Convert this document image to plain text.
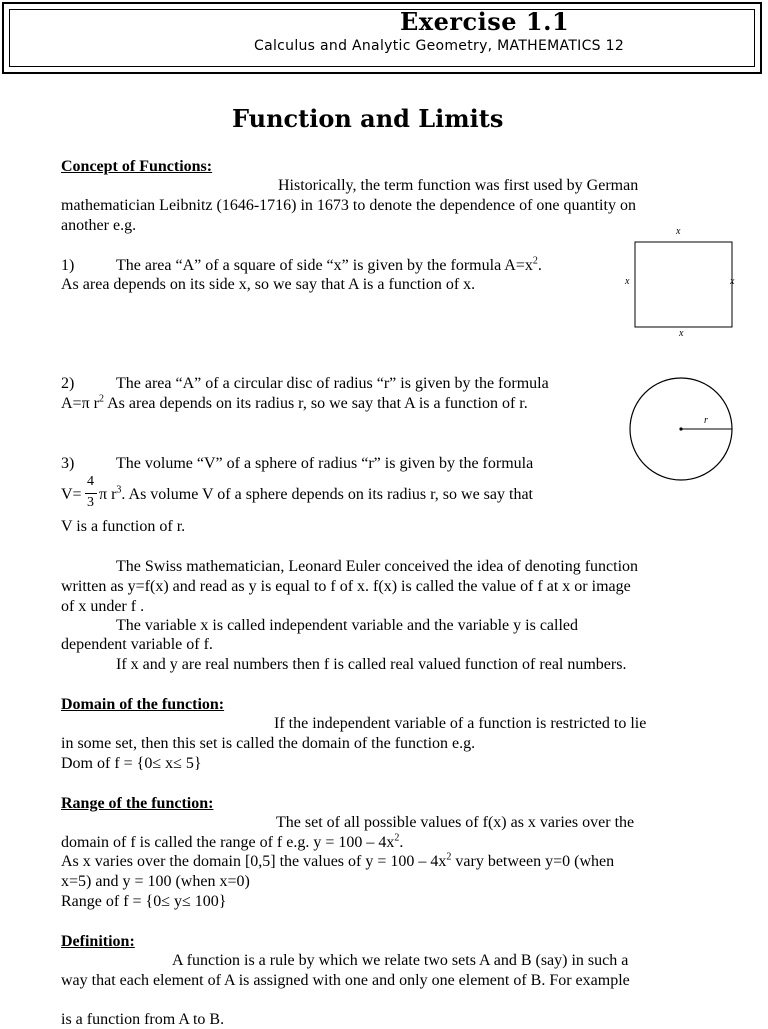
Exercise 1.1
Calculus and Analytic Geometry, MATHEMATICS 12
Function and Limits
Concept of Functions:
Historically, the term function was first used by German
mathematician Leibnitz (1646-1716) in 1673 to denote the dependence of one quantity on
another e.g.
1)	The area “A” of a square of side “x” is given by the formula $A=x^2$.
As area depends on its side x, so we say that A is a function of x.
x
x	x
x
2)	The area “A” of a circular disc of radius “r” is given by the formula
A=π $r^2$ As area depends on its radius r, so we say that A is a function of r.
r
3)	The volume “V” of a sphere of radius “r” is given by the formula
4
3
V= π $r^3$. As volume V of a sphere depends on its radius r, so we say that
V is a function of r.
The Swiss mathematician, Leonard Euler conceived the idea of denoting function
written as y=f(x) and read as y is equal to f of x. f(x) is called the value of f at x or image
of x under f .
The variable x is called independent variable and the variable y is called
dependent variable of f.
If x and y are real numbers then f is called real valued function of real numbers.
Domain of the function:
If the independent variable of a function is restricted to lie
in some set, then this set is called the domain of the function e.g.
Dom of f = {0≤ x≤ 5}
Range of the function:
The set of all possible values of f(x) as x varies over the
domain of f is called the range of f e.g. $y = 100 - 4x^2$.
As x varies over the domain [0,5] the values of $y = 100 - 4x^2$ vary between y=0 (when
x=5) and y = 100 (when x=0)
Range of f = {0≤ y≤ 100}
Definition:
A function is a rule by which we relate two sets A and B (say) in such a
way that each element of A is assigned with one and only one element of B. For example
is a function from A to B.
